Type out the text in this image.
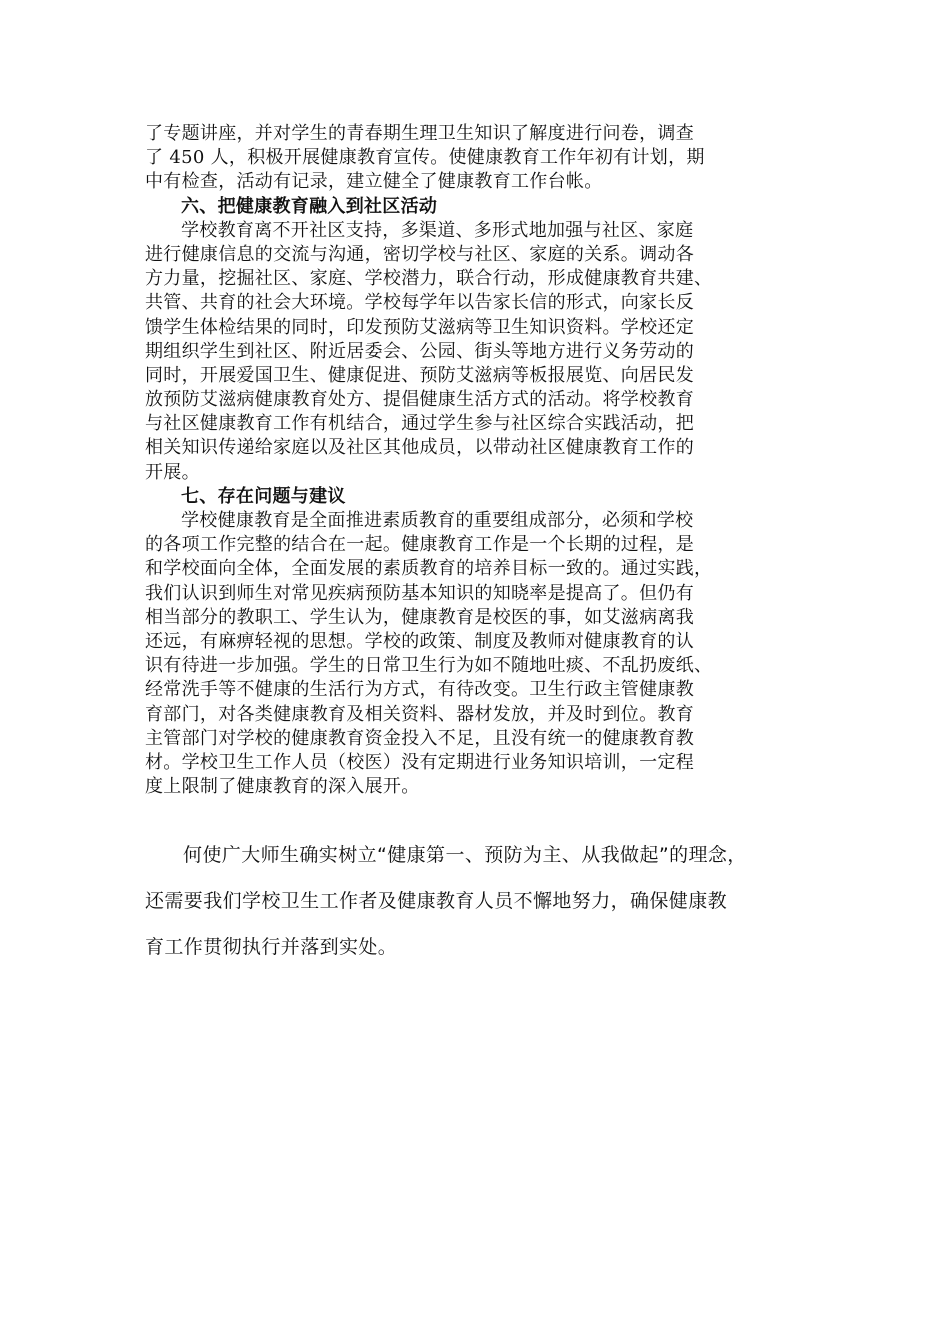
了专题讲座，并对学生的青春期生理卫生知识了解度进行问卷，调查
了 450 人，积极开展健康教育宣传。使健康教育工作年初有计划，期
中有检查，活动有记录，建立健全了健康教育工作台帐。
六、把健康教育融入到社区活动
学校教育离不开社区支持，多渠道、多形式地加强与社区、家庭
进行健康信息的交流与沟通，密切学校与社区、家庭的关系。调动各
方力量，挖掘社区、家庭、学校潜力，联合行动，形成健康教育共建、
共管、共育的社会大环境。学校每学年以告家长信的形式，向家长反
馈学生体检结果的同时，印发预防艾滋病等卫生知识资料。学校还定
期组织学生到社区、附近居委会、公园、街头等地方进行义务劳动的
同时，开展爱国卫生、健康促进、预防艾滋病等板报展览、向居民发
放预防艾滋病健康教育处方、提倡健康生活方式的活动。将学校教育
与社区健康教育工作有机结合，通过学生参与社区综合实践活动，把
相关知识传递给家庭以及社区其他成员，以带动社区健康教育工作的
开展。
七、存在问题与建议
学校健康教育是全面推进素质教育的重要组成部分，必须和学校
的各项工作完整的结合在一起。健康教育工作是一个长期的过程，是
和学校面向全体，全面发展的素质教育的培养目标一致的。通过实践，
我们认识到师生对常见疾病预防基本知识的知晓率是提高了。但仍有
相当部分的教职工、学生认为，健康教育是校医的事，如艾滋病离我
还远，有麻痹轻视的思想。学校的政策、制度及教师对健康教育的认
识有待进一步加强。学生的日常卫生行为如不随地吐痰、不乱扔废纸、
经常洗手等不健康的生活行为方式，有待改变。卫生行政主管健康教
育部门，对各类健康教育及相关资料、器材发放，并及时到位。教育
主管部门对学校的健康教育资金投入不足，且没有统一的健康教育教
材。学校卫生工作人员（校医）没有定期进行业务知识培训，一定程
度上限制了健康教育的深入展开。
何使广大师生确实树立“健康第一、预防为主、从我做起”的理念，
还需要我们学校卫生工作者及健康教育人员不懈地努力，确保健康教
育工作贯彻执行并落到实处。
